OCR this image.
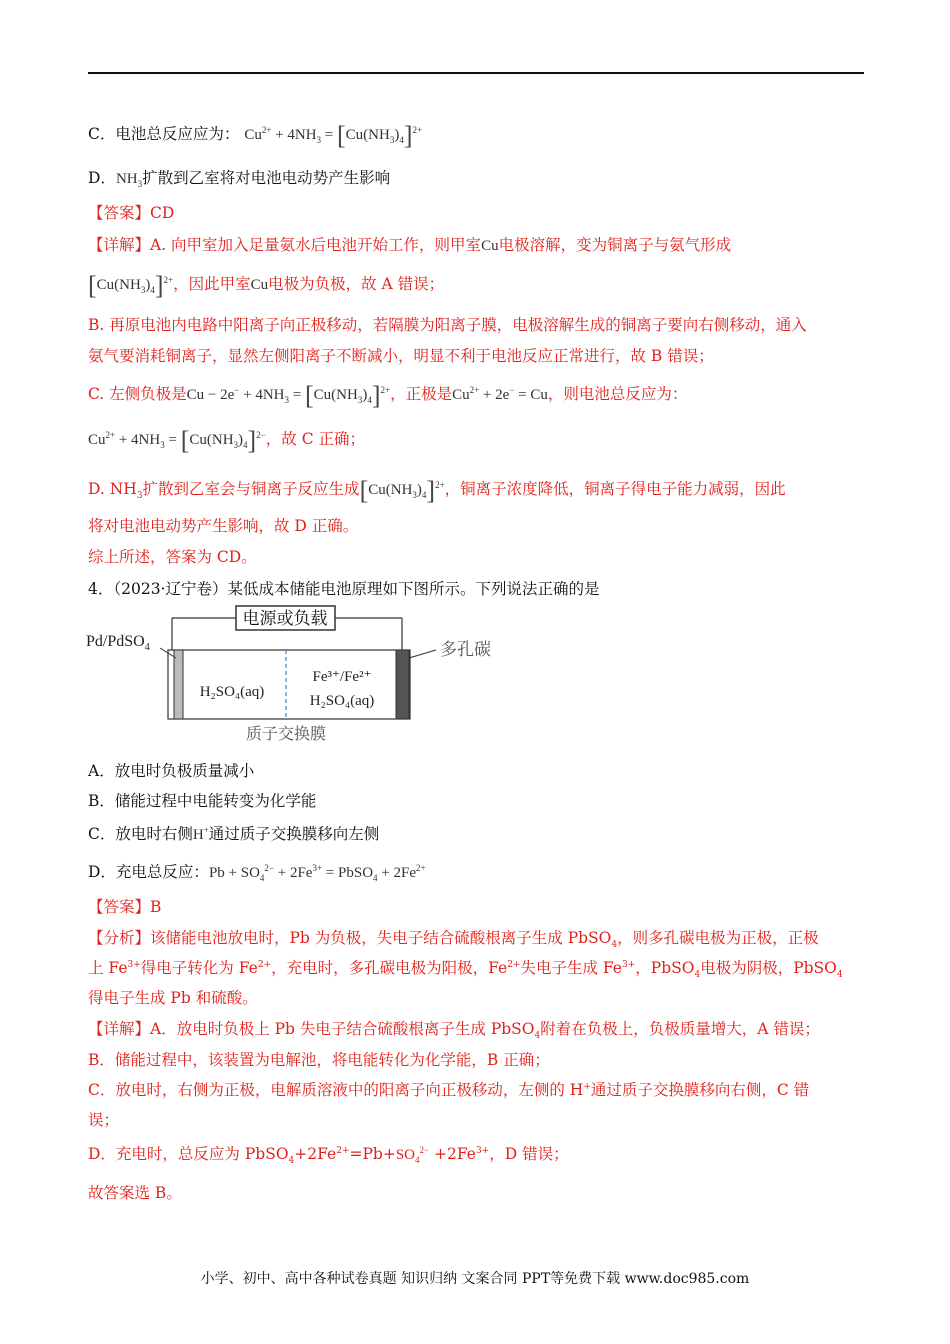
C．电池总反应应为： $Cu^{2+} + 4NH_3 = [Cu(NH_3)_4]^{2+}$
D．$NH_3$扩散到乙室将对电池电动势产生影响
【答案】CD
【详解】A. 向甲室加入足量氨水后电池开始工作，则甲室Cu电极溶解，变为铜离子与氨气形成
$[Cu(NH_3)_4]^{2+}$，因此甲室Cu电极为负极，故 A 错误；
B. 再原电池内电路中阳离子向正极移动，若隔膜为阳离子膜，电极溶解生成的铜离子要向右侧移动，通入
氨气要消耗铜离子，显然左侧阳离子不断减小，明显不利于电池反应正常进行，故 B 错误；
C. 左侧负极是$Cu - 2e^- + 4NH_3 = [Cu(NH_3)_4]^{2+}$，正极是$Cu^{2+} + 2e^- = Cu$，则电池总反应为：
$Cu^{2+} + 4NH_3 = [Cu(NH_3)_4]^{2-}$，故 C 正确；
D. $NH_3$扩散到乙室会与铜离子反应生成$[Cu(NH_3)_4]^{2+}$，铜离子浓度降低，铜离子得电子能力减弱，因此
将对电池电动势产生影响，故 D 正确。
综上所述，答案为 CD。
4．（2023·辽宁卷）某低成本储能电池原理如下图所示。下列说法正确的是
电源或负载
Pd/PdSO$_4$	多孔碳
H₂SO₄(aq)
Fe³⁺/Fe²⁺
H₂SO₄(aq)
质子交换膜
A．放电时负极质量减小
B．储能过程中电能转变为化学能
C．放电时右侧H+通过质子交换膜移向左侧
D．充电总反应：$Pb + SO_4^{2-} + 2Fe^{3+}$ = PbSO$_4$ + $2Fe^{2+}$
【答案】B
【分析】该储能电池放电时，Pb 为负极，失电子结合硫酸根离子生成 PbSO$_4$，则多孔碳电极为正极，正极
上 $Fe^{3+}$得电子转化为 $Fe^{2+}$，充电时，多孔碳电极为阳极，$Fe^{2+}$失电子生成 $Fe^{3+}$，PbSO$_4$电极为阴极，PbSO$_4$
得电子生成 Pb 和硫酸。
【详解】A．放电时负极上 Pb 失电子结合硫酸根离子生成 PbSO$_4$附着在负极上，负极质量增大，A 错误；
B．储能过程中，该装置为电解池，将电能转化为化学能，B 正确；
C．放电时，右侧为正极，电解质溶液中的阳离子向正极移动，左侧的 H+通过质子交换膜移向右侧，C 错
误；
D．充电时，总反应为 $PbSO_4+2Fe^{2+}=Pb+SO_4^{2-} +2Fe^{3+}$，D 错误；
故答案选 B。
小学、初中、高中各种试卷真题 知识归纳 文案合同 PPT等免费下载 www.doc985.com
